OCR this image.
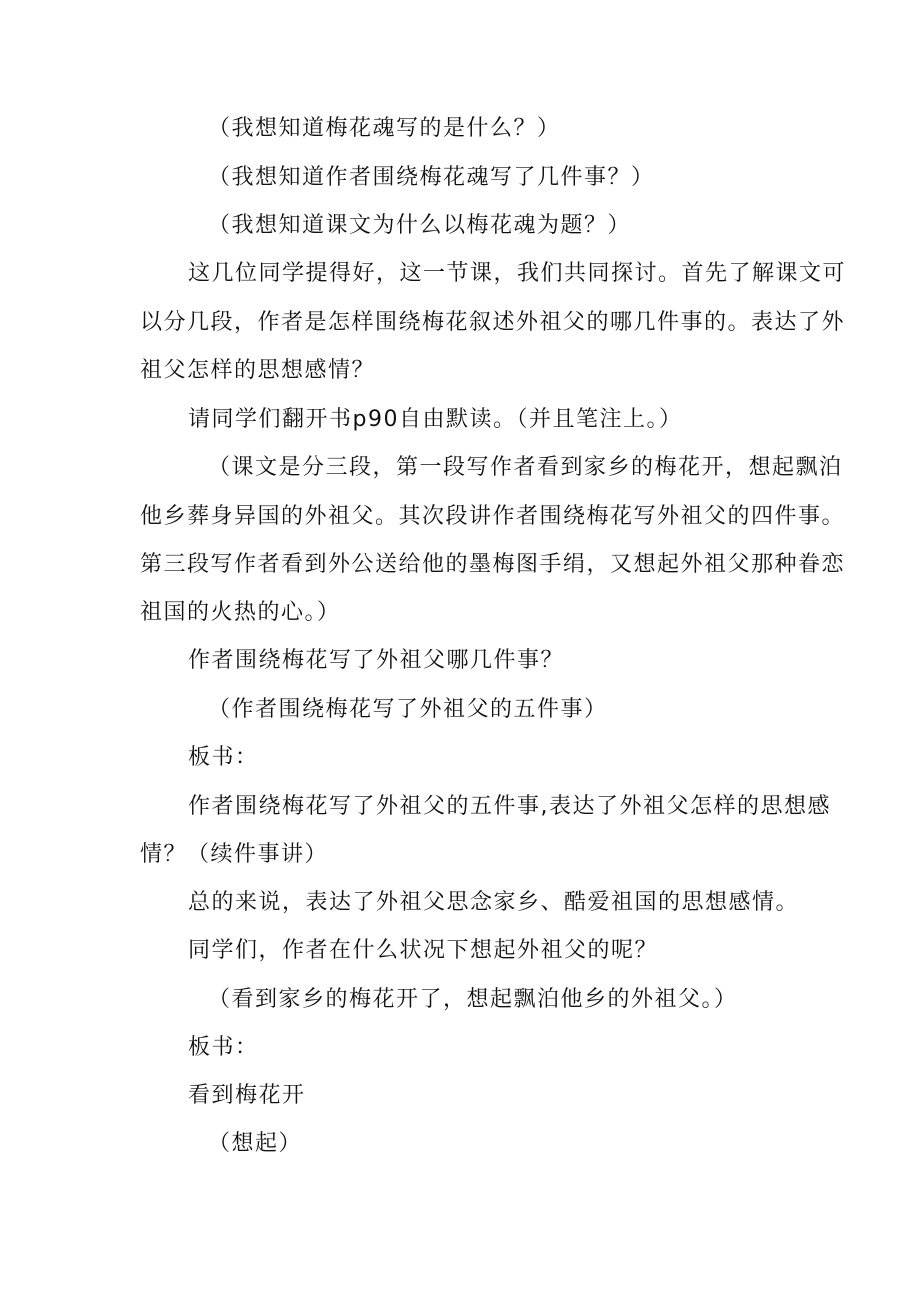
（我想知道梅花魂写的是什么？）
（我想知道作者围绕梅花魂写了几件事？）
（我想知道课文为什么以梅花魂为题？）
这几位同学提得好，这一节课，我们共同探讨。首先了解课文可
以分几段，作者是怎样围绕梅花叙述外祖父的哪几件事的。表达了外
祖父怎样的思想感情？
请同学们翻开书p90自由默读。（并且笔注上。）
（课文是分三段，第一段写作者看到家乡的梅花开，想起飘泊
他乡葬身异国的外祖父。其次段讲作者围绕梅花写外祖父的四件事。
第三段写作者看到外公送给他的墨梅图手绢，又想起外祖父那种眷恋
祖国的火热的心。）
作者围绕梅花写了外祖父哪几件事？
（作者围绕梅花写了外祖父的五件事）
板书：
作者围绕梅花写了外祖父的五件事,表达了外祖父怎样的思想感
情？（续件事讲）
总的来说，表达了外祖父思念家乡、酷爱祖国的思想感情。
同学们，作者在什么状况下想起外祖父的呢？
（看到家乡的梅花开了，想起飘泊他乡的外祖父。）
板书：
看到梅花开
（想起）
